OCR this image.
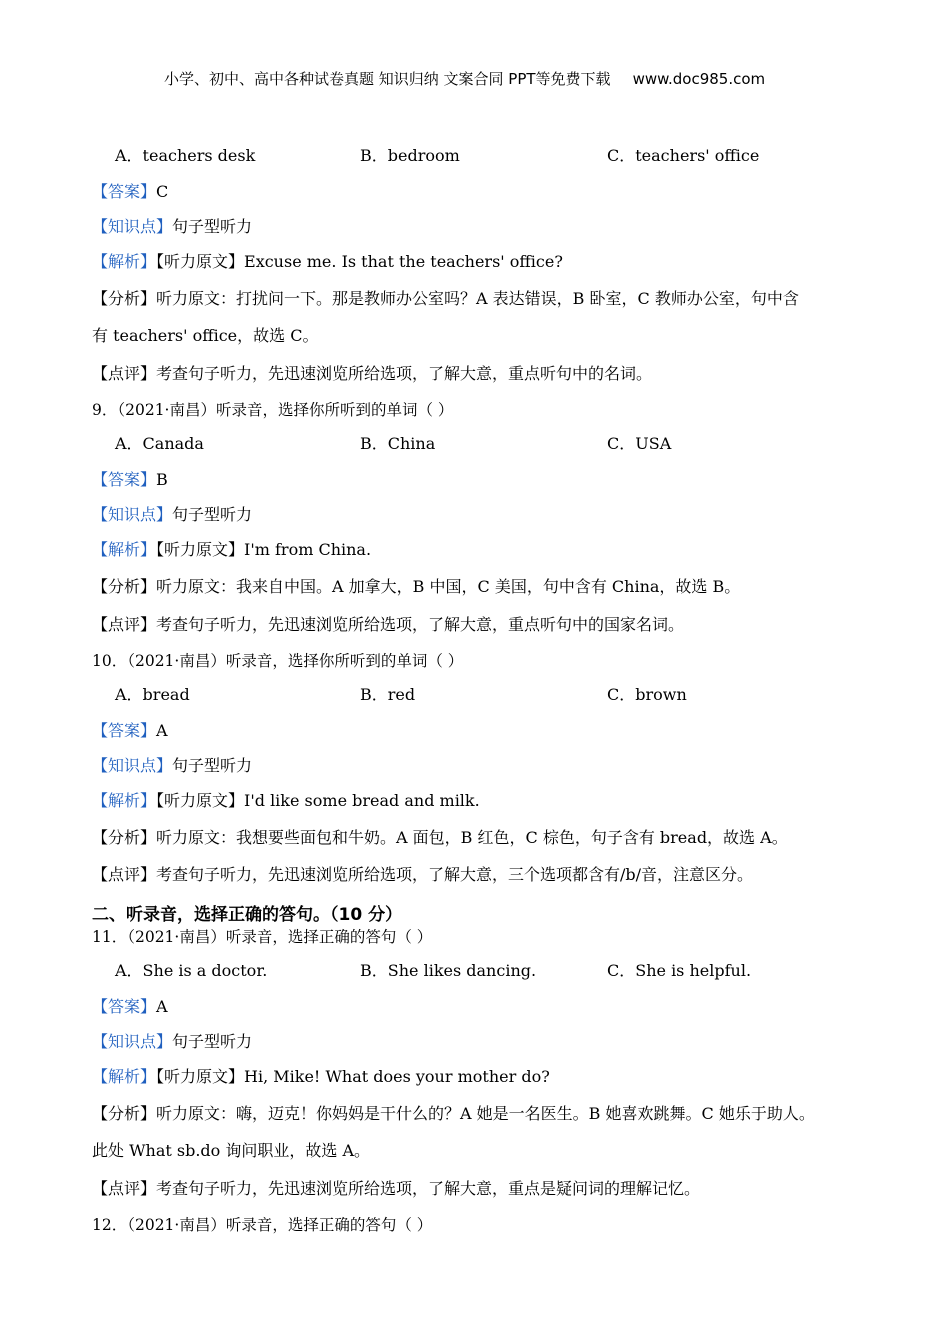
小学、初中、高中各种试卷真题 知识归纳 文案合同 PPT等免费下载 www.doc985.com
A．teachers desk	B．bedroom	C．teachers' office
【答案】C
【知识点】句子型听力
【解析】【听力原文】Excuse me. Is that the teachers' office?
【分析】听力原文：打扰问一下。那是教师办公室吗？A 表达错误，B 卧室，C 教师办公室，句中含
有 teachers' office，故选 C。
【点评】考查句子听力，先迅速浏览所给选项，了解大意，重点听句中的名词。
9．（2021·南昌）听录音，选择你所听到的单词（ ）
A．Canada	B．China	C．USA
【答案】B
【知识点】句子型听力
【解析】【听力原文】I'm from China.
【分析】听力原文：我来自中国。A 加拿大，B 中国，C 美国，句中含有 China，故选 B。
【点评】考查句子听力，先迅速浏览所给选项，了解大意，重点听句中的国家名词。
10．（2021·南昌）听录音，选择你所听到的单词（ ）
A．bread	B．red	C．brown
【答案】A
【知识点】句子型听力
【解析】【听力原文】I'd like some bread and milk.
【分析】听力原文：我想要些面包和牛奶。A 面包，B 红色，C 棕色，句子含有 bread，故选 A。
【点评】考查句子听力，先迅速浏览所给选项，了解大意，三个选项都含有/b/音，注意区分。
二、听录音，选择正确的答句。（10 分）
11．（2021·南昌）听录音，选择正确的答句（ ）
A．She is a doctor.	B．She likes dancing.	C．She is helpful.
【答案】A
【知识点】句子型听力
【解析】【听力原文】Hi, Mike! What does your mother do?
【分析】听力原文：嗨，迈克！你妈妈是干什么的？A 她是一名医生。B 她喜欢跳舞。C 她乐于助人。
此处 What sb.do 询问职业，故选 A。
【点评】考查句子听力，先迅速浏览所给选项，了解大意，重点是疑问词的理解记忆。
12．（2021·南昌）听录音，选择正确的答句（ ）
